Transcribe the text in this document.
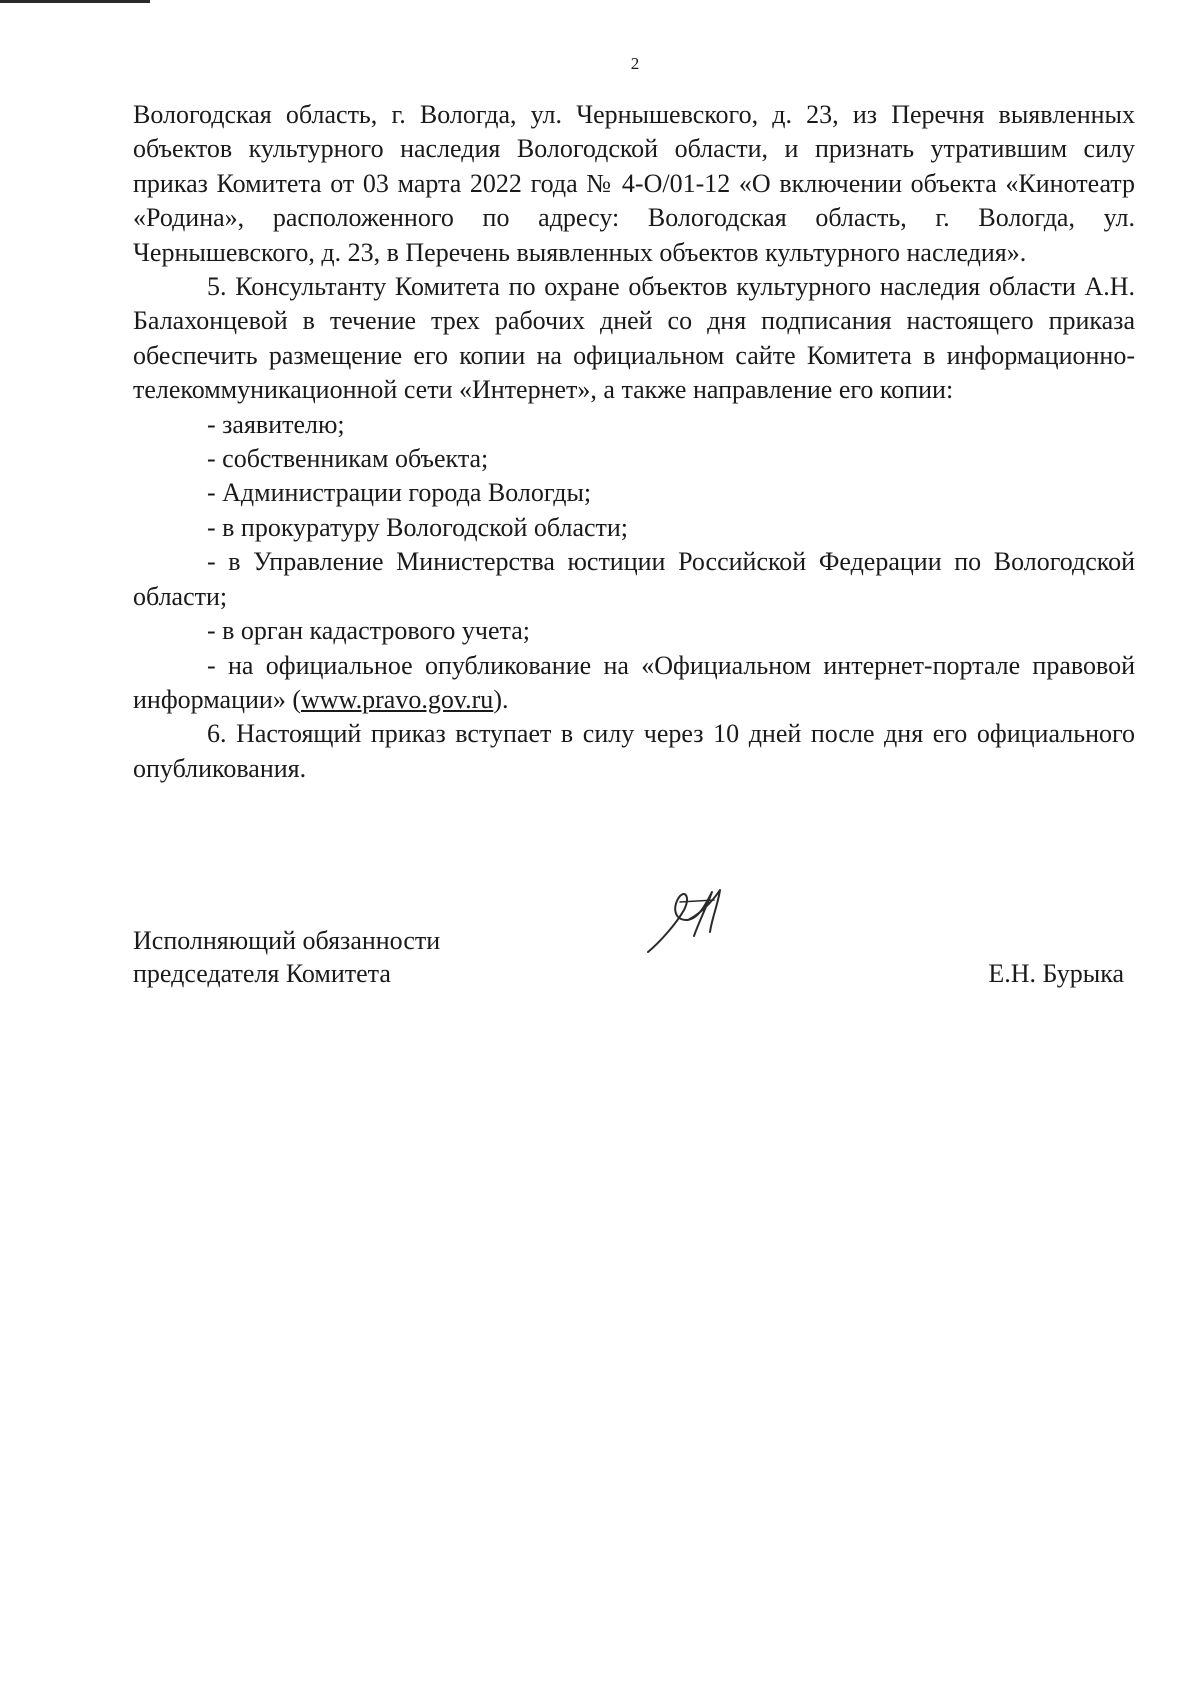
2

Вологодская область, г. Вологда, ул. Чернышевского, д. 23, из Перечня выявленных объектов культурного наследия Вологодской области, и признать утратившим силу приказ Комитета от 03 марта 2022 года № 4-О/01-12 «О включении объекта «Кинотеатр «Родина», расположенного по адресу: Вологодская область, г. Вологда, ул. Чернышевского, д. 23, в Перечень выявленных объектов культурного наследия».

5. Консультанту Комитета по охране объектов культурного наследия области А.Н. Балахонцевой в течение трех рабочих дней со дня подписания настоящего приказа обеспечить размещение его копии на официальном сайте Комитета в информационно-телекоммуникационной сети «Интернет», а также направление его копии:

- заявителю;

- собственникам объекта;

- Администрации города Вологды;

- в прокуратуру Вологодской области;

- в Управление Министерства юстиции Российской Федерации по Вологодской области;

- в орган кадастрового учета;

- на официальное опубликование на «Официальном интернет-портале правовой информации» (www.pravo.gov.ru).

6. Настоящий приказ вступает в силу через 10 дней после дня его официального опубликования.

Исполняющий обязанности
председателя Комитета	Е.Н. Бурыка
